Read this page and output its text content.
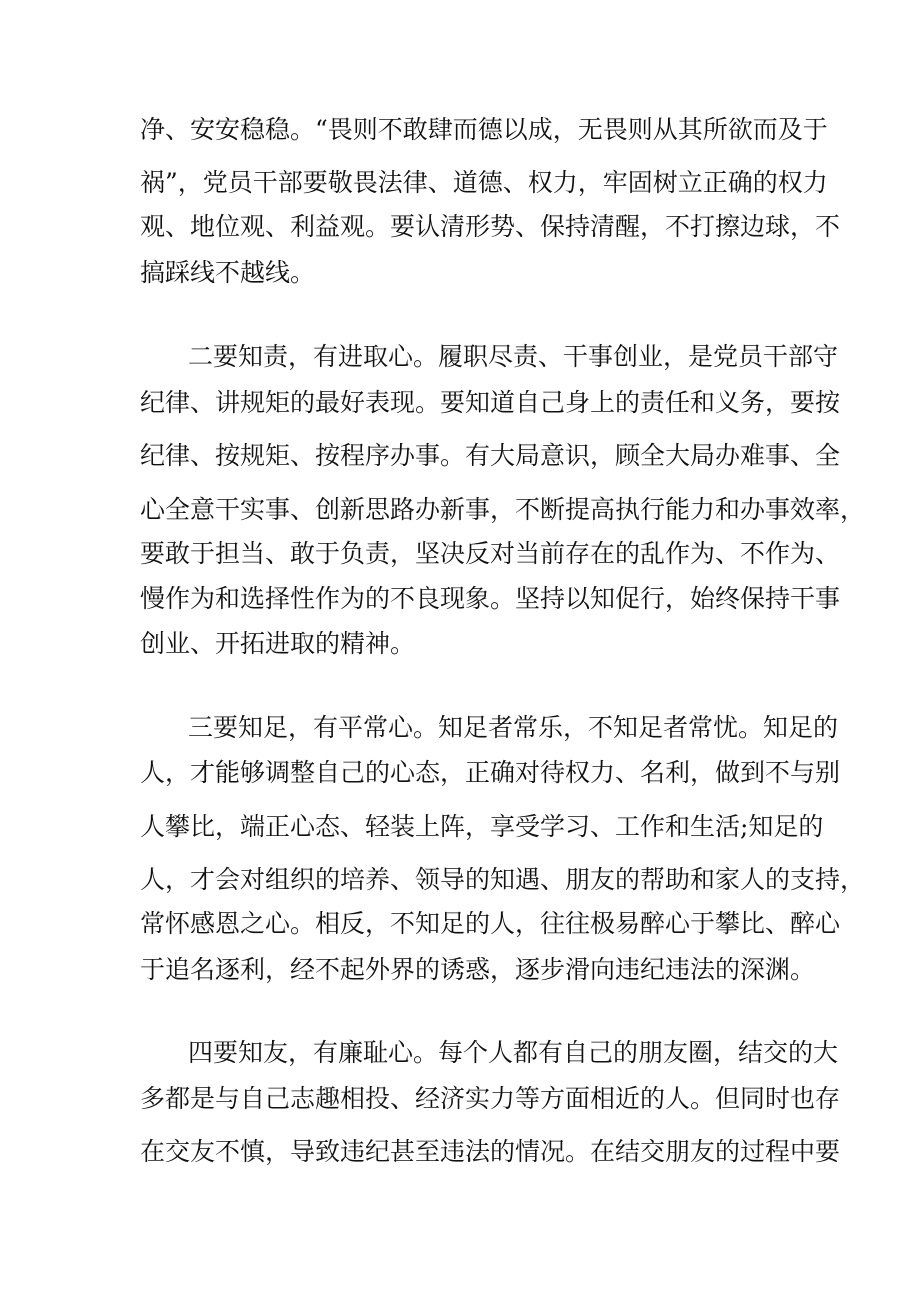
净、安安稳稳。“畏则不敢肆而德以成，无畏则从其所欲而及于
祸”，党员干部要敬畏法律、道德、权力，牢固树立正确的权力
观、地位观、利益观。要认清形势、保持清醒，不打擦边球，不
搞踩线不越线。
二要知责，有进取心。履职尽责、干事创业，是党员干部守
纪律、讲规矩的最好表现。要知道自己身上的责任和义务，要按
纪律、按规矩、按程序办事。有大局意识，顾全大局办难事、全
心全意干实事、创新思路办新事，不断提高执行能力和办事效率，
要敢于担当、敢于负责，坚决反对当前存在的乱作为、不作为、
慢作为和选择性作为的不良现象。坚持以知促行，始终保持干事
创业、开拓进取的精神。
三要知足，有平常心。知足者常乐，不知足者常忧。知足的
人，才能够调整自己的心态，正确对待权力、名利，做到不与别
人攀比，端正心态、轻装上阵，享受学习、工作和生活;知足的
人，才会对组织的培养、领导的知遇、朋友的帮助和家人的支持，
常怀感恩之心。相反，不知足的人，往往极易醉心于攀比、醉心
于追名逐利，经不起外界的诱惑，逐步滑向违纪违法的深渊。
四要知友，有廉耻心。每个人都有自己的朋友圈，结交的大
多都是与自己志趣相投、经济实力等方面相近的人。但同时也存
在交友不慎，导致违纪甚至违法的情况。在结交朋友的过程中要
